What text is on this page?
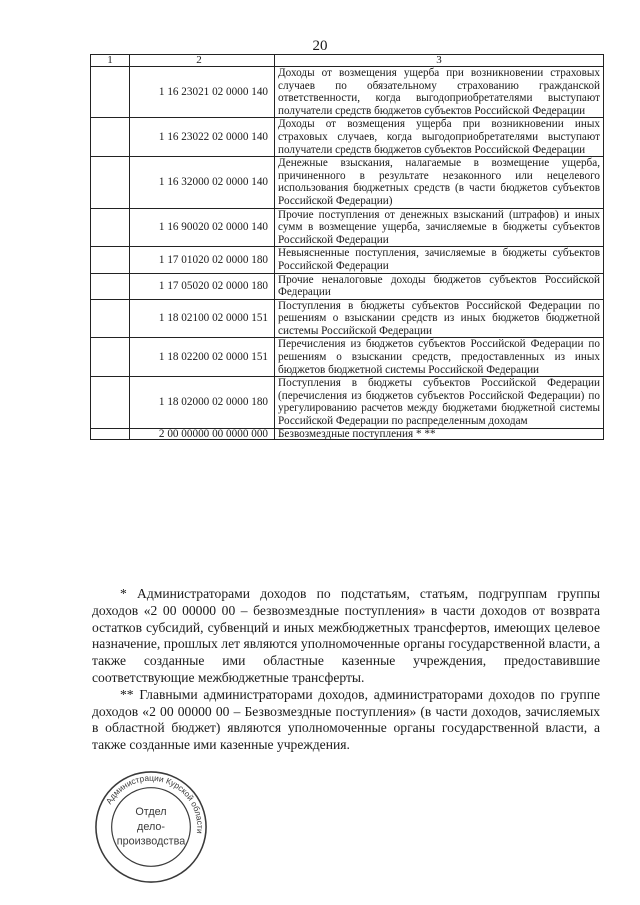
20
1	2	3
	1 16 23021 02 0000 140	Доходы от возмещения ущерба при возникновении страховых случаев по обязательному страхованию гражданской ответственности, когда выгодоприобретателями выступают получатели средств бюджетов субъектов Российской Федерации
	1 16 23022 02 0000 140	Доходы от возмещения ущерба при возникновении иных страховых случаев, когда выгодоприобретателями выступают получатели средств бюджетов субъектов Российской Федерации
	1 16 32000 02 0000 140	Денежные взыскания, налагаемые в возмещение ущерба, причиненного в результате незаконного или нецелевого использования бюджетных средств (в части бюджетов субъектов Российской Федерации)
	1 16 90020 02 0000 140	Прочие поступления от денежных взысканий (штрафов) и иных сумм в возмещение ущерба, зачисляемые в бюджеты субъектов Российской Федерации
	1 17 01020 02 0000 180	Невыясненные поступления, зачисляемые в бюджеты субъектов Российской Федерации
	1 17 05020 02 0000 180	Прочие неналоговые доходы бюджетов субъектов Российской Федерации
	1 18 02100 02 0000 151	Поступления в бюджеты субъектов Российской Федерации по решениям о взыскании средств из иных бюджетов бюджетной системы Российской Федерации
	1 18 02200 02 0000 151	Перечисления из бюджетов субъектов Российской Федерации по решениям о взыскании средств, предоставленных из иных бюджетов бюджетной системы Российской Федерации
	1 18 02000 02 0000 180	Поступления в бюджеты субъектов Российской Федерации (перечисления из бюджетов субъектов Российской Федерации) по урегулированию расчетов между бюджетами бюджетной системы Российской Федерации по распределенным доходам
	2 00 00000 00 0000 000	Безвозмездные поступления * **

* Администраторами доходов по подстатьям, статьям, подгруппам группы доходов «2 00 00000 00 – безвозмездные поступления» в части доходов от возврата остатков субсидий, субвенций и иных межбюджетных трансфертов, имеющих целевое назначение, прошлых лет являются уполномоченные органы государственной власти, а также созданные ими областные казенные учреждения, предоставившие соответствующие межбюджетные трансферты.

** Главными администраторами доходов, администраторами доходов по группе доходов «2 00 00000 00 – Безвозмездные поступления» (в части доходов, зачисляемых в областной бюджет) являются уполномоченные органы государственной власти, а также созданные ими казенные учреждения.

Администрации Курской области
Отдел
дело-
производства
